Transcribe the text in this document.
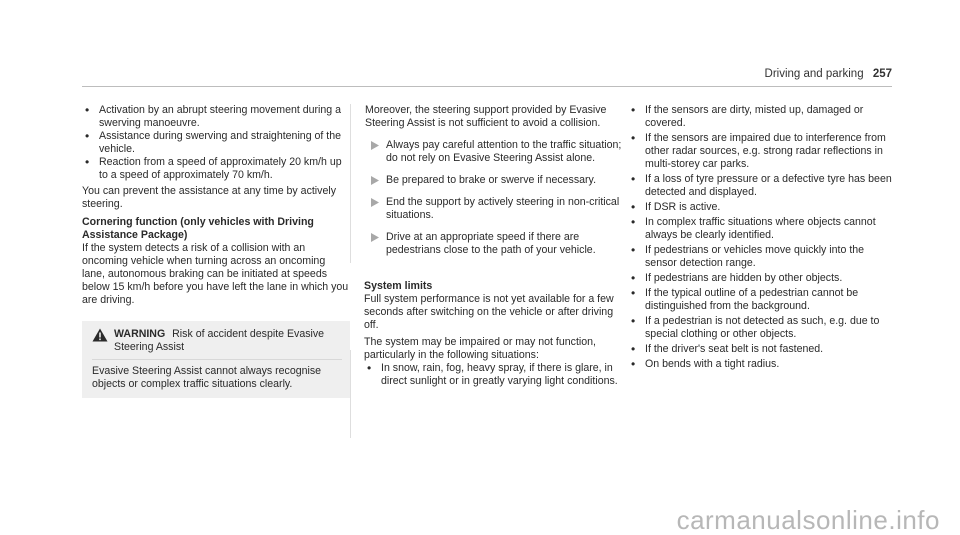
Driving and parking 257
• Activation by an abrupt steering movement during a swerving manoeuvre.
• Assistance during swerving and straightening of the vehicle.
• Reaction from a speed of approximately 20 km/h up to a speed of approximately 70 km/h.

You can prevent the assistance at any time by actively steering.

Cornering function (only vehicles with Driving Assistance Package)

If the system detects a risk of a collision with an oncoming vehicle when turning across an oncoming lane, autonomous braking can be initiated at speeds below 15 km/h before you have left the lane in which you are driving.

WARNING Risk of accident despite Evasive Steering Assist

Evasive Steering Assist cannot always recognise objects or complex traffic situations clearly.

Moreover, the steering support provided by Evasive Steering Assist is not sufficient to avoid a collision.

Always pay careful attention to the traffic situation; do not rely on Evasive Steering Assist alone.
Be prepared to brake or swerve if necessary.
End the support by actively steering in non-critical situations.
Drive at an appropriate speed if there are pedestrians close to the path of your vehicle.

System limits

Full system performance is not yet available for a few seconds after switching on the vehicle or after driving off.

The system may be impaired or may not function, particularly in the following situations:

• In snow, rain, fog, heavy spray, if there is glare, in direct sunlight or in greatly varying light conditions.
• If the sensors are dirty, misted up, damaged or covered.
• If the sensors are impaired due to interference from other radar sources, e.g. strong radar reflections in multi-storey car parks.
• If a loss of tyre pressure or a defective tyre has been detected and displayed.
• If DSR is active.
• In complex traffic situations where objects cannot always be clearly identified.
• If pedestrians or vehicles move quickly into the sensor detection range.
• If pedestrians are hidden by other objects.
• If the typical outline of a pedestrian cannot be distinguished from the background.
• If a pedestrian is not detected as such, e.g. due to special clothing or other objects.
• If the driver's seat belt is not fastened.
• On bends with a tight radius.
carmanualsonline.info
